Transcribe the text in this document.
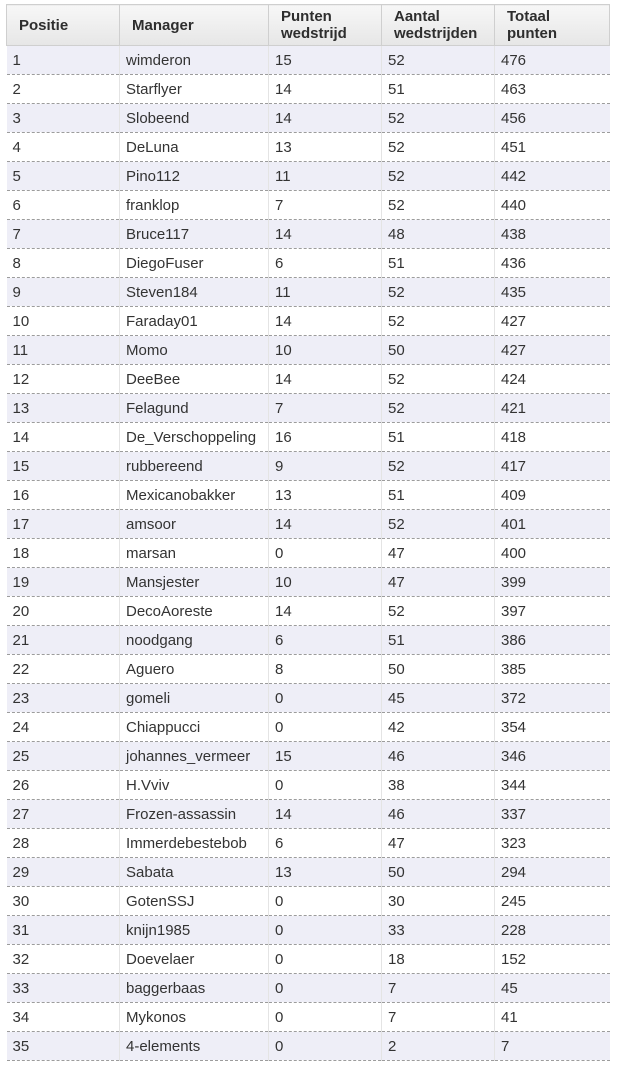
Positie	Manager	Punten wedstrijd	Aantal wedstrijden	Totaal punten
1	wimderon	15	52	476
2	Starflyer	14	51	463
3	Slobeend	14	52	456
4	DeLuna	13	52	451
5	Pino112	11	52	442
6	franklop	7	52	440
7	Bruce117	14	48	438
8	DiegoFuser	6	51	436
9	Steven184	11	52	435
10	Faraday01	14	52	427
11	Momo	10	50	427
12	DeeBee	14	52	424
13	Felagund	7	52	421
14	De_Verschoppeling	16	51	418
15	rubbereend	9	52	417
16	Mexicanobakker	13	51	409
17	amsoor	14	52	401
18	marsan	0	47	400
19	Mansjester	10	47	399
20	DecoAoreste	14	52	397
21	noodgang	6	51	386
22	Aguero	8	50	385
23	gomeli	0	45	372
24	Chiappucci	0	42	354
25	johannes_vermeer	15	46	346
26	H.Vviv	0	38	344
27	Frozen-assassin	14	46	337
28	Immerdebestebob	6	47	323
29	Sabata	13	50	294
30	GotenSSJ	0	30	245
31	knijn1985	0	33	228
32	Doevelaer	0	18	152
33	baggerbaas	0	7	45
34	Mykonos	0	7	41
35	4-elements	0	2	7
